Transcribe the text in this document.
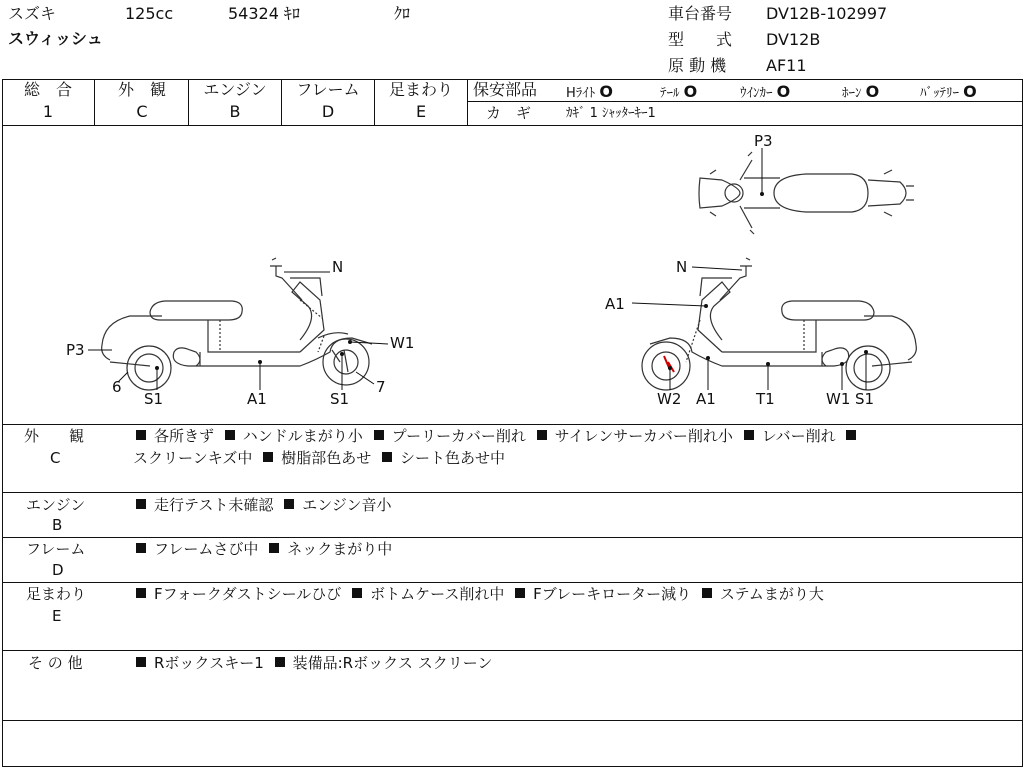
スズキ	125cc	54324 ｷﾛ	ｸﾛ
スウィッシュ
車台番号 DV12B-102997
型　　式 DV12B
原 動 機 AF11
総　合
1
外　観
C
エンジン
B
フレーム
D
足まわり
E
保安部品 Hﾗｲﾄ O	ﾃｰﾙ O	ｳｲﾝｶｰ O	ﾎｰﾝ O	ﾊﾞｯﾃﾘｰ O
カ　ギ	ｶｷﾞ 1 ｼｬｯﾀｰｷｰ1
N
W1
P3
6	7
S1	A1	S1
P3
N
A1
W2 A1	T1	W1 S1
外　　観
C
各所きず ハンドルまがり小 プーリーカバー削れ サイレンサーカバー削れ小 レバー削れ
スクリーンキズ中 樹脂部色あせ シート色あせ中
エンジン
B
走行テスト未確認 エンジン音小
フレーム
D
フレームさび中 ネックまがり中
足まわり
E
Fフォークダストシールひび ボトムケース削れ中 Fブレーキローター減り ステムまがり大
そ の 他	Rボックスキー1 装備品:Rボックス スクリーン
